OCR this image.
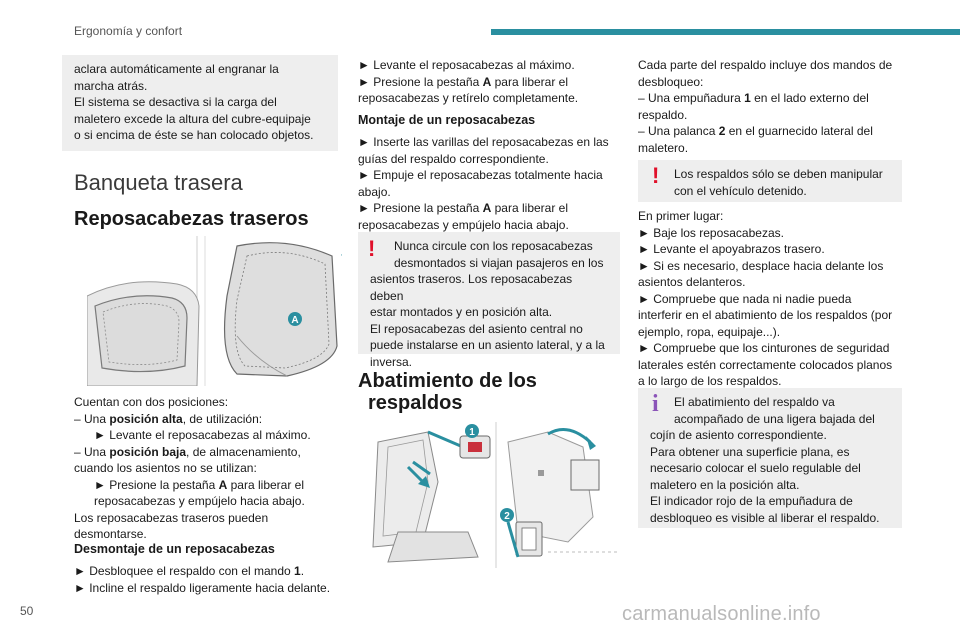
Ergonomía y confort

aclara automáticamente al engranar la

marcha atrás.

El sistema se desactiva si la carga del

maletero excede la altura del cubre-equipaje

o si encima de éste se han colocado objetos.

Banqueta trasera
Reposacabezas traseros
A
Cuentan con dos posiciones:
– Una posición alta, de utilización:
► Levante el reposacabezas al máximo.
– Una posición baja, de almacenamiento,
cuando los asientos no se utilizan:
► Presione la pestaña A para liberar el
reposacabezas y empújelo hacia abajo.
Los reposacabezas traseros pueden
desmontarse.
Desmontaje de un reposacabezas
► Desbloquee el respaldo con el mando 1.
► Incline el respaldo ligeramente hacia delante.
► Levante el reposacabezas al máximo.
► Presione la pestaña A para liberar el
reposacabezas y retírelo completamente.
Montaje de un reposacabezas
► Inserte las varillas del reposacabezas en las
guías del respaldo correspondiente.
► Empuje el reposacabezas totalmente hacia
abajo.
► Presione la pestaña A para liberar el
reposacabezas y empújelo hacia abajo.
!	Nunca circule con los reposacabezas

desmontados si viajan pasajeros en los

asientos traseros. Los reposacabezas deben

estar montados y en posición alta.

El reposacabezas del asiento central no

puede instalarse en un asiento lateral, y a la

inversa.

Abatimiento de los
respaldos
1
2
Cada parte del respaldo incluye dos mandos de
desbloqueo:
– Una empuñadura 1 en el lado externo del
respaldo.
– Una palanca 2 en el guarnecido lateral del
maletero.
! Los respaldos sólo se deben manipular

con el vehículo detenido.

En primer lugar:
► Baje los reposacabezas.
► Levante el apoyabrazos trasero.
► Si es necesario, desplace hacia delante los
asientos delanteros.
► Compruebe que nada ni nadie pueda
interferir en el abatimiento de los respaldos (por
ejemplo, ropa, equipaje...).
► Compruebe que los cinturones de seguridad
laterales estén correctamente colocados planos
a lo largo de los respaldos.
i	El abatimiento del respaldo va

acompañado de una ligera bajada del

cojín de asiento correspondiente.

Para obtener una superficie plana, es

necesario colocar el suelo regulable del

maletero en la posición alta.

El indicador rojo de la empuñadura de

desbloqueo es visible al liberar el respaldo.

50	carmanualsonline.info
